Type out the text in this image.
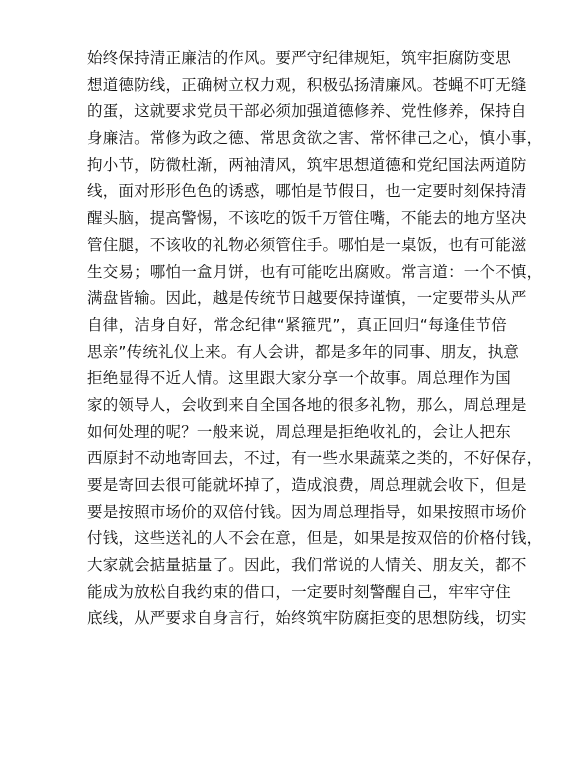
始终保持清正廉洁的作风。要严守纪律规矩，筑牢拒腐防变思
想道德防线，正确树立权力观，积极弘扬清廉风。苍蝇不叮无缝
的蛋，这就要求党员干部必须加强道德修养、党性修养，保持自
身廉洁。常修为政之德、常思贪欲之害、常怀律己之心，慎小事，
拘小节，防微杜渐，两袖清风，筑牢思想道德和党纪国法两道防
线，面对形形色色的诱惑，哪怕是节假日，也一定要时刻保持清
醒头脑，提高警惕，不该吃的饭千万管住嘴，不能去的地方坚决
管住腿，不该收的礼物必须管住手。哪怕是一桌饭，也有可能滋
生交易；哪怕一盒月饼，也有可能吃出腐败。常言道：一个不慎，
满盘皆输。因此，越是传统节日越要保持谨慎，一定要带头从严
自律，洁身自好，常念纪律“紧箍咒”，真正回归“每逢佳节倍
思亲”传统礼仪上来。有人会讲，都是多年的同事、朋友，执意
拒绝显得不近人情。这里跟大家分享一个故事。周总理作为国
家的领导人，会收到来自全国各地的很多礼物，那么，周总理是
如何处理的呢？一般来说，周总理是拒绝收礼的，会让人把东
西原封不动地寄回去，不过，有一些水果蔬菜之类的，不好保存，
要是寄回去很可能就坏掉了，造成浪费，周总理就会收下，但是
要是按照市场价的双倍付钱。因为周总理指导，如果按照市场价
付钱，这些送礼的人不会在意，但是，如果是按双倍的价格付钱，
大家就会掂量掂量了。因此，我们常说的人情关、朋友关，都不
能成为放松自我约束的借口，一定要时刻警醒自己，牢牢守住
底线，从严要求自身言行，始终筑牢防腐拒变的思想防线，切实
